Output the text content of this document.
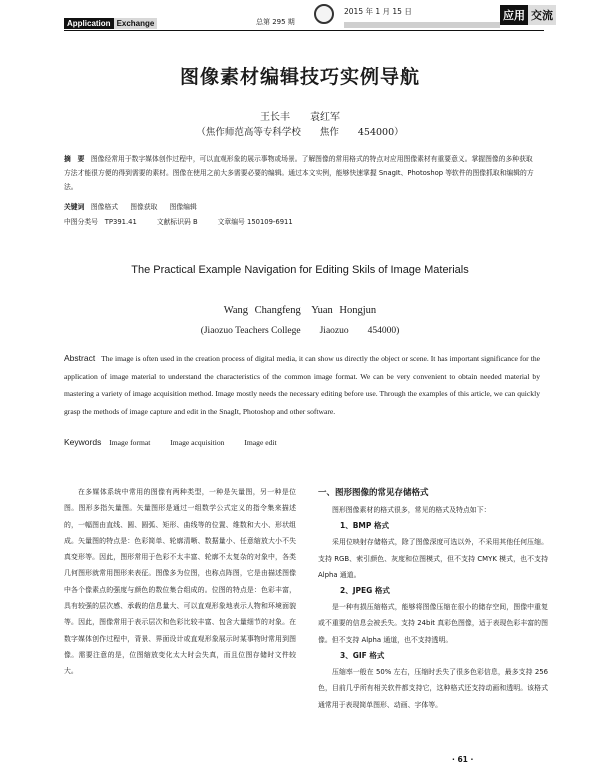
Application Exchange	总第 295 期
2015 年 1 月 15 日	应用 交流
图像素材编辑技巧实例导航
王长丰　　袁红军
（焦作师范高等专科学校　　焦作　　454000）
摘　要 图像经常用于数字媒体创作过程中，可以直观形象的展示事物或场景。了解图像的常用格式的特点对应用图像素材有重要意义。掌握图像的多种获取方法才能很方便的得到需要的素材。图像在使用之前大多需要必要的编辑。通过本文实例，能够快速掌握 SnagIt、Photoshop 等软件的图像抓取和编辑的方法。
关键词 图像格式 图像获取 图像编辑
中图分类号　TP391.41	文献标识码 B	文章编号 150109-6911
The Practical Example Navigation for Editing Skils of Image Materials
Wang Changfeng　Yuan Hongjun
(Jiaozuo Teachers College　　Jiaozuo　　454000)
Abstract The image is often used in the creation process of digital media, it can show us directly the object or scene. It has important significance for the application of image material to understand the characteristics of the common image format. We can be very convenient to obtain needed material by mastering a variety of image acquisition method. Image mostly needs the necessary editing before use. Through the examples of this article, we can quickly grasp the methods of image capture and edit in the SnagIt, Photoshop and other software.
Keywords Image format	Image acquisition	Image edit
在多媒体系统中常用的图像有两种类型，一种是矢量图，另一种是位图。图形多指矢量图。矢量图形是通过一组数学公式定义的指令集来描述的，一幅图由直线、圆、圆弧、矩形、曲线等的位置、维数和大小、形状组成。矢量图的特点是：色彩简单、轮廓清晰、数据量小、任意缩放大小不失真变形等。因此，图形常用于色彩不太丰富、轮廓不太复杂的对象中，各类几何图形就常用图形来表征。图像多为位图，也称点阵图，它是由描述图像中各个像素点的强度与颜色的数位集合组成的。位图的特点是：色彩丰富，具有较强的层次感、承载的信息量大、可以直观形象地表示人物和环境面貌等。因此，图像常用于表示层次和色彩比较丰富、包含大量细节的对象。在数字媒体创作过程中，背景、界面设计或直观形象展示时某事物时常用到图像。需要注意的是，位图缩放变化太大时会失真，而且位图存储时文件较大。
一、图形图像的常见存储格式
图形图像素材的格式很多，常见的格式及特点如下：
1、BMP 格式
采用位映射存储格式，除了图像深度可选以外，不采用其他任何压缩。支持 RGB、索引颜色、灰度和位图模式，但不支持 CMYK 模式，也不支持 Alpha 通道。
2、JPEG 格式
是一种有损压缩格式，能够将图像压缩在很小的储存空间，图像中重复或不重要的信息会被丢失。支持 24bit 真彩色图像，适于表现色彩丰富的图像。但不支持 Alpha 通道，也不支持透明。
3、GIF 格式
压缩率一般在 50% 左右，压缩时丢失了很多色彩信息，最多支持 256 色，目前几乎所有相关软件都支持它，这种格式还支持动画和透明。该格式通常用于表现简单图形、动画、字体等。
· 61 ·
